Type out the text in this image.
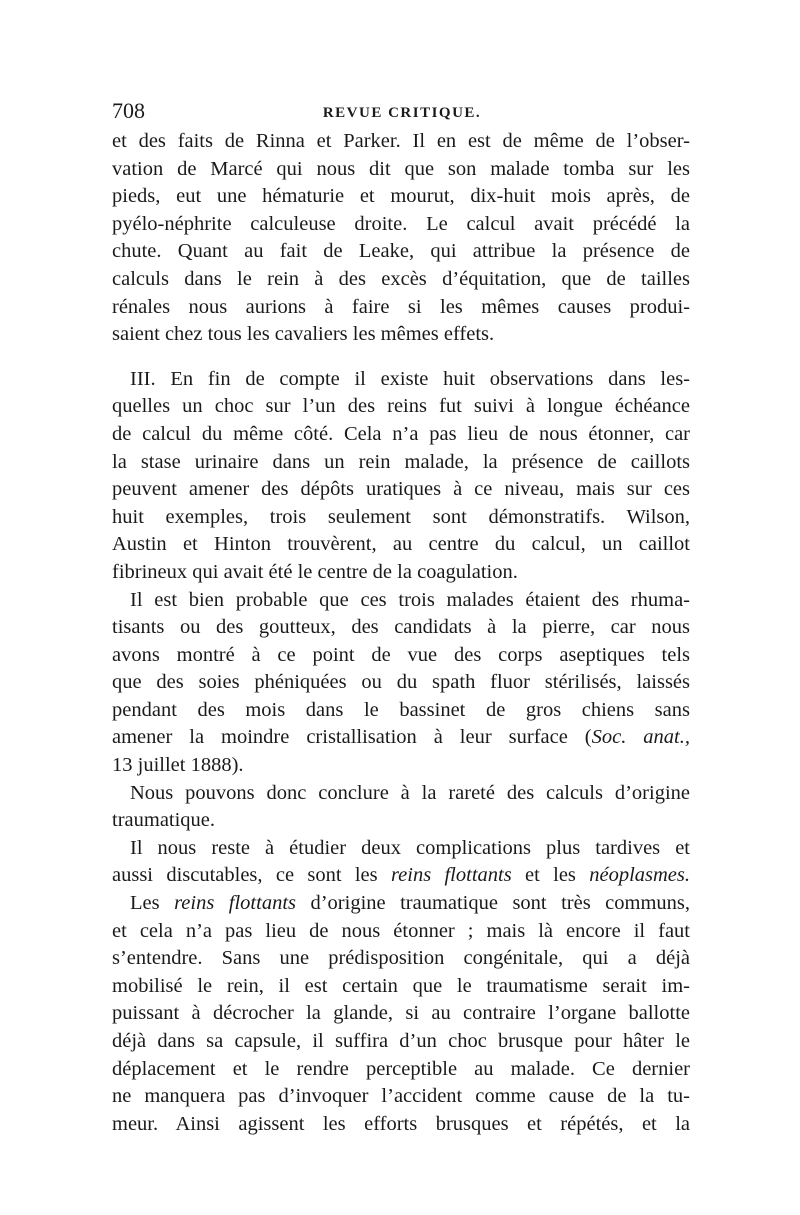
708	REVUE CRITIQUE.

et des faits de Rinna et Parker. Il en est de même de l’obser-
vation de Marcé qui nous dit que son malade tomba sur les
pieds, eut une hématurie et mourut, dix-huit mois après, de
pyélo-néphrite calculeuse droite. Le calcul avait précédé la
chute. Quant au fait de Leake, qui attribue la présence de
calculs dans le rein à des excès d’équitation, que de tailles
rénales nous aurions à faire si les mêmes causes produi-
saient chez tous les cavaliers les mêmes effets.

III. En fin de compte il existe huit observations dans les-
quelles un choc sur l’un des reins fut suivi à longue échéance
de calcul du même côté. Cela n’a pas lieu de nous étonner, car
la stase urinaire dans un rein malade, la présence de caillots
peuvent amener des dépôts uratiques à ce niveau, mais sur ces
huit exemples, trois seulement sont démonstratifs. Wilson,
Austin et Hinton trouvèrent, au centre du calcul, un caillot
fibrineux qui avait été le centre de la coagulation.

Il est bien probable que ces trois malades étaient des rhuma-
tisants ou des goutteux, des candidats à la pierre, car nous
avons montré à ce point de vue des corps aseptiques tels
que des soies phéniquées ou du spath fluor stérilisés, laissés
pendant des mois dans le bassinet de gros chiens sans
amener la moindre cristallisation à leur surface (Soc. anat.,
13 juillet 1888).

Nous pouvons donc conclure à la rareté des calculs d’origine
traumatique.

Il nous reste à étudier deux complications plus tardives et
aussi discutables, ce sont les reins flottants et les néoplasmes.

Les reins flottants d’origine traumatique sont très communs,
et cela n’a pas lieu de nous étonner ; mais là encore il faut
s’entendre. Sans une prédisposition congénitale, qui a déjà
mobilisé le rein, il est certain que le traumatisme serait im-
puissant à décrocher la glande, si au contraire l’organe ballotte
déjà dans sa capsule, il suffira d’un choc brusque pour hâter le
déplacement et le rendre perceptible au malade. Ce dernier
ne manquera pas d’invoquer l’accident comme cause de la tu-
meur. Ainsi agissent les efforts brusques et répétés, et la
